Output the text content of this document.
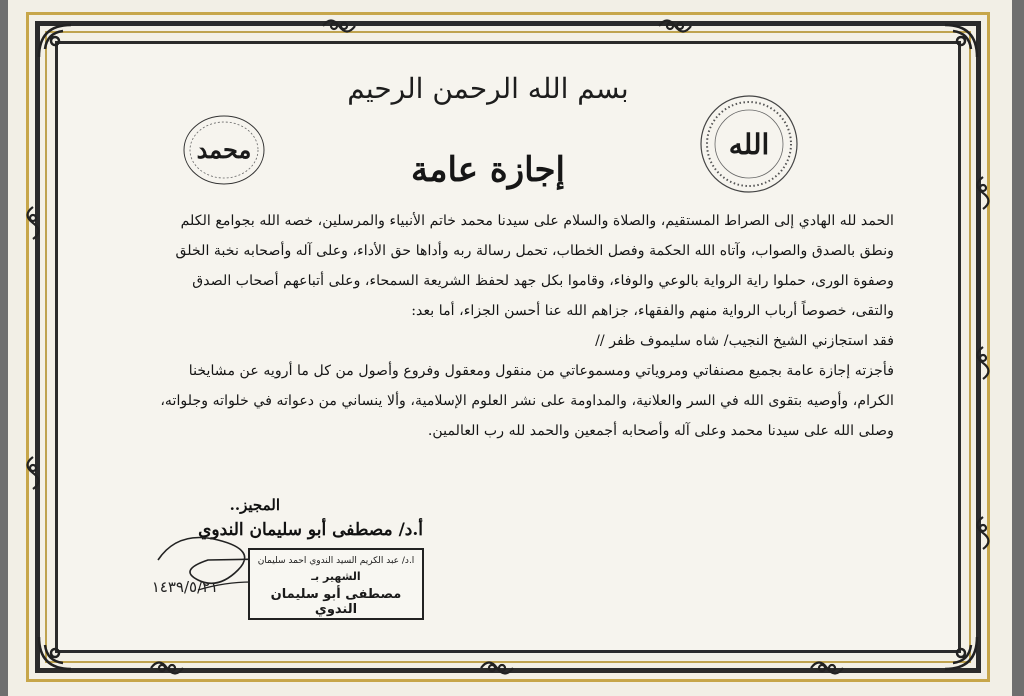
بسم الله الرحمن الرحيم
إجازة عامة
محمد	الله

الحمد لله الهادي إلى الصراط المستقيم، والصلاة والسلام على سيدنا محمد خاتم الأنبياء والمرسلين، خصه الله بجوامع الكلم

ونطق بالصدق والصواب، وآتاه الله الحكمة وفصل الخطاب، تحمل رسالة ربه وأداها حق الأداء، وعلى آله وأصحابه نخبة الخلق

وصفوة الورى، حملوا راية الرواية بالوعي والوفاء، وقاموا بكل جهد لحفظ الشريعة السمحاء، وعلى أتباعهم أصحاب الصدق

والتقى، خصوصاً أرباب الرواية منهم والفقهاء، جزاهم الله عنا أحسن الجزاء، أما بعد:

فقد استجازني الشيخ النجيب/ شاه سليموف ظفر //

فأجزته إجازة عامة بجميع مصنفاتي ومروياتي ومسموعاتي من منقول ومعقول وفروع وأصول من كل ما أرويه عن مشايخنا

الكرام، وأوصيه بتقوى الله في السر والعلانية، والمداومة على نشر العلوم الإسلامية، وألا ينساني من دعواته في خلواته وجلواته،

وصلى الله على سيدنا محمد وعلى آله وأصحابه أجمعين والحمد لله رب العالمين.

المجيز..
أ.د/ مصطفى أبو سليمان الندوي
أ.د/ عبد الكريم السيد الندوي أحمد سليمان
الشهير بـ
مصطفى أبو سليمان الندوي
١٤٣٩/٥/٢١
